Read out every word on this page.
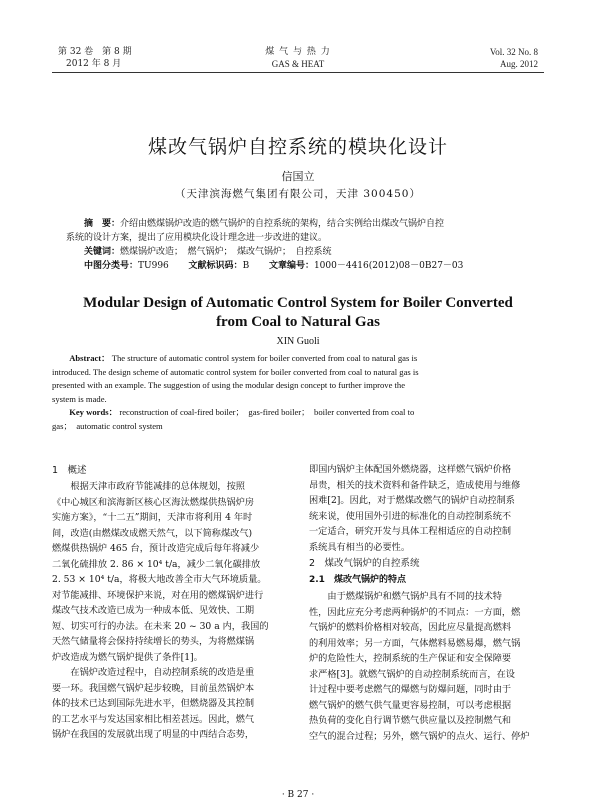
第 32 卷　第 8 期
2012 年 8 月
煤 气 与 热 力
GAS & HEAT
Vol. 32 No. 8
Aug. 2012
煤改气锅炉自控系统的模块化设计
信国立
（天津滨海燃气集团有限公司，天津 300450）
摘　要：介绍由燃煤锅炉改造的燃气锅炉的自控系统的架构，结合实例给出煤改气锅炉自控
系统的设计方案，提出了应用模块化设计理念进一步改进的建议。
关键词：燃煤锅炉改造；　燃气锅炉；　煤改气锅炉；　自控系统
中图分类号：TU996 文献标识码：B 文章编号：1000－4416(2012)08－0B27－03
Modular Design of Automatic Control System for Boiler Converted
from Coal to Natural Gas
XIN Guoli
Abstract： The structure of automatic control system for boiler converted from coal to natural gas is
introduced. The design scheme of automatic control system for boiler converted from coal to natural gas is
presented with an example. The suggestion of using the modular design concept to further improve the
system is made.
Key words： reconstruction of coal-fired boiler；　gas-fired boiler；　boiler converted from coal to
gas；　automatic control system
1　概述
根据天津市政府节能减排的总体规划，按照
《中心城区和滨海新区核心区海汰燃煤供热锅炉房
实施方案》，“十二五”期间，天津市将利用 4 年时
间，改造(由燃煤改成燃天然气，以下简称煤改气)
燃煤供热锅炉 465 台，预计改造完成后每年将减少
二氧化硫排放 2. 86 × 10⁴ t/a，减少二氧化碳排放
2. 53 × 10⁴ t/a，将极大地改善全市大气环境质量。
对节能减排、环境保护来说，对在用的燃煤锅炉进行
煤改气技术改造已成为一种成本低、见效快、工期
短、切实可行的办法。在未来 20 ~ 30 a 内，我国的
天然气储量将会保持持续增长的势头，为将燃煤锅
炉改造成为燃气锅炉提供了条件[1]。
在锅炉改造过程中，自动控制系统的改造是重
要一环。我国燃气锅炉起步较晚，目前虽然锅炉本
体的技术已达到国际先进水平，但燃烧器及其控制
的工艺水平与发达国家相比相差甚远。因此，燃气
锅炉在我国的发展就出现了明显的中西结合态势，
即国内锅炉主体配国外燃烧器，这样燃气锅炉价格
昂贵，相关的技术资料和备件缺乏，造成使用与维修
困难[2]。因此，对于燃煤改燃气的锅炉自动控制系
统来说，使用国外引进的标准化的自动控制系统不
一定适合，研究开发与具体工程相适应的自动控制
系统具有相当的必要性。
2　煤改气锅炉的自控系统
2.1　煤改气锅炉的特点
由于燃煤锅炉和燃气锅炉具有不同的技术特
性，因此应充分考虑两种锅炉的不同点：一方面，燃
气锅炉的燃料价格相对较高，因此应尽量提高燃料
的利用效率；另一方面，气体燃料易燃易爆，燃气锅
炉的危险性大，控制系统的生产保证和安全保障要
求严格[3]。就燃气锅炉的自动控制系统而言，在设
计过程中要考虑燃气的爆燃与防爆问题，同时由于
燃气锅炉的燃气供气量更容易控制，可以考虑根据
热负荷的变化自行调节燃气供应量以及控制燃气和
空气的混合过程；另外，燃气锅炉的点火、运行、停炉
· B 27 ·
